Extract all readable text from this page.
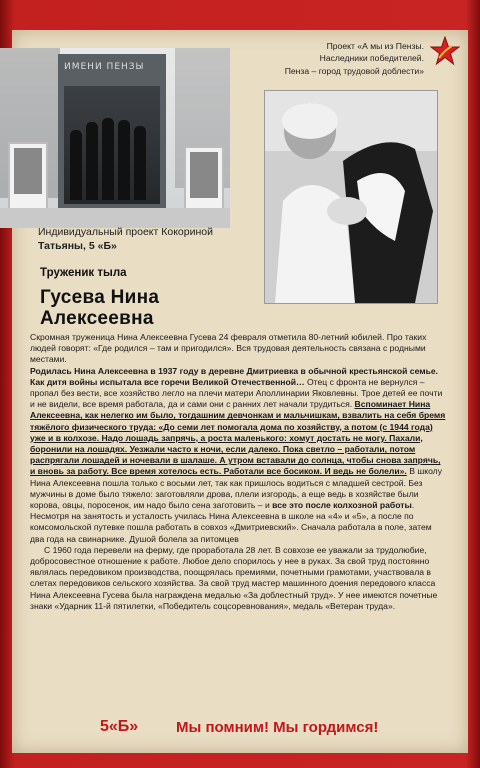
Проект «А мы из Пензы.
Наследники победителей.
Пенза – город трудовой доблести»
ИМЕНИ ПЕНЗЫ
Индивидуальный проект Кокориной
Татьяны, 5 «Б»
Труженик тыла
Гусева Нина
Алексеевна

Скромная труженица Нина Алексеевна Гусева 24 февраля отметила 80-летний юбилей. Про таких людей говорят: «Где родился – там и пригодился». Вся трудовая деятельность связана с родными местами.

Родилась Нина Алексеевна в 1937 году в деревне Дмитриевка в обычной крестьянской семье. Как дитя войны испытала все горечи Великой Отечественной… Отец с фронта не вернулся – пропал без вести, все хозяйство легло на плечи матери Аполлинарии Яковлевны. Трое детей ее почти и не видели, все время работала, да и сами они с ранних лет начали трудиться. Вспоминает Нина Алексеевна, как нелегко им было, тогдашним девчонкам и мальчишкам, взвалить на себя бремя тяжёлого физического труда: «До семи лет помогала дома по хозяйству, а потом (с 1944 года) уже и в колхозе. Надо лошадь запрячь, а роста маленького: хомут достать не могу. Пахали, боронили на лошадях. Уезжали часто к ночи, если далеко. Пока светло – работали, потом распрягали лошадей и ночевали в шалаше. А утром вставали до солнца, чтобы снова запрячь, и вновь за работу. Все время хотелось есть. Работали все босиком. И ведь не болели». В школу Нина Алексеевна пошла только с восьми лет, так как пришлось водиться с младшей сестрой. Без мужчины в доме было тяжело: заготовляли дрова, плели изгородь, а еще ведь в хозяйстве были корова, овцы, поросенок, им надо было сена заготовить – и все это после колхозной работы. Несмотря на занятость и усталость училась Нина Алексеевна в школе на «4» и «5», а после по комсомольской путевке пошла работать в совхоз «Дмитриевский». Сначала работала в поле, затем два года на свинарнике. Душой болела за питомцев

С 1960 года перевели на ферму, где проработала 28 лет. В совхозе ее уважали за трудолюбие, добросовестное отношение к работе. Любое дело спорилось у нее в руках. За свой труд постоянно являлась передовиком производства, поощрялась премиями, почетными грамотами, участвовала в слетах передовиков сельского хозяйства. За свой труд мастер машинного доения передового класса Нина Алексеевна Гусева была награждена медалью «За доблестный труд». У нее имеются почетные знаки «Ударник 11-й пятилетки, «Победитель соцсоревнования», медаль «Ветеран труда».

5«Б»	Мы помним! Мы гордимся!
